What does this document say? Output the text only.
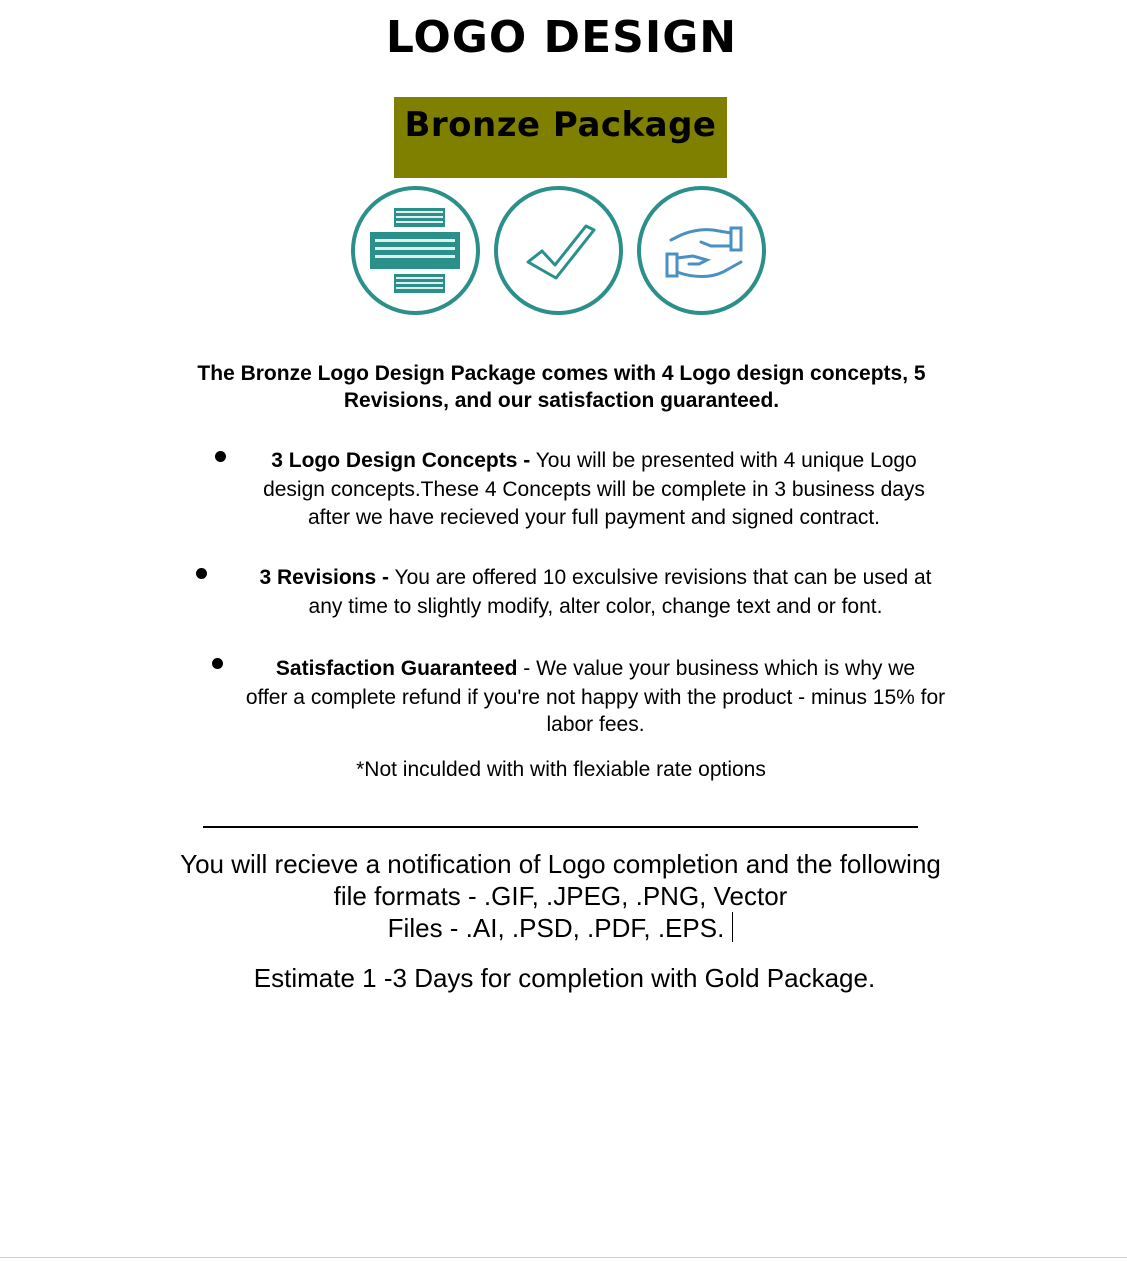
LOGO DESIGN
Bronze Package
The Bronze Logo Design Package comes with 4 Logo design concepts, 5
Revisions, and our satisfaction guaranteed.
3 Logo Design Concepts - You will be presented with 4 unique Logo
design concepts.These 4 Concepts will be complete in 3 business days
after we have recieved your full payment and signed contract.
3 Revisions - You are offered 10 exculsive revisions that can be used at
any time to slightly modify, alter color, change text and or font.
Satisfaction Guaranteed - We value your business which is why we
offer a complete refund if you're not happy with the product - minus 15% for
labor fees.
*Not inculded with with flexiable rate options
You will recieve a notification of Logo completion and the following
file formats - .GIF, .JPEG, .PNG, Vector
Files - .AI, .PSD, .PDF, .EPS.
Estimate 1 -3 Days for completion with Gold Package.
